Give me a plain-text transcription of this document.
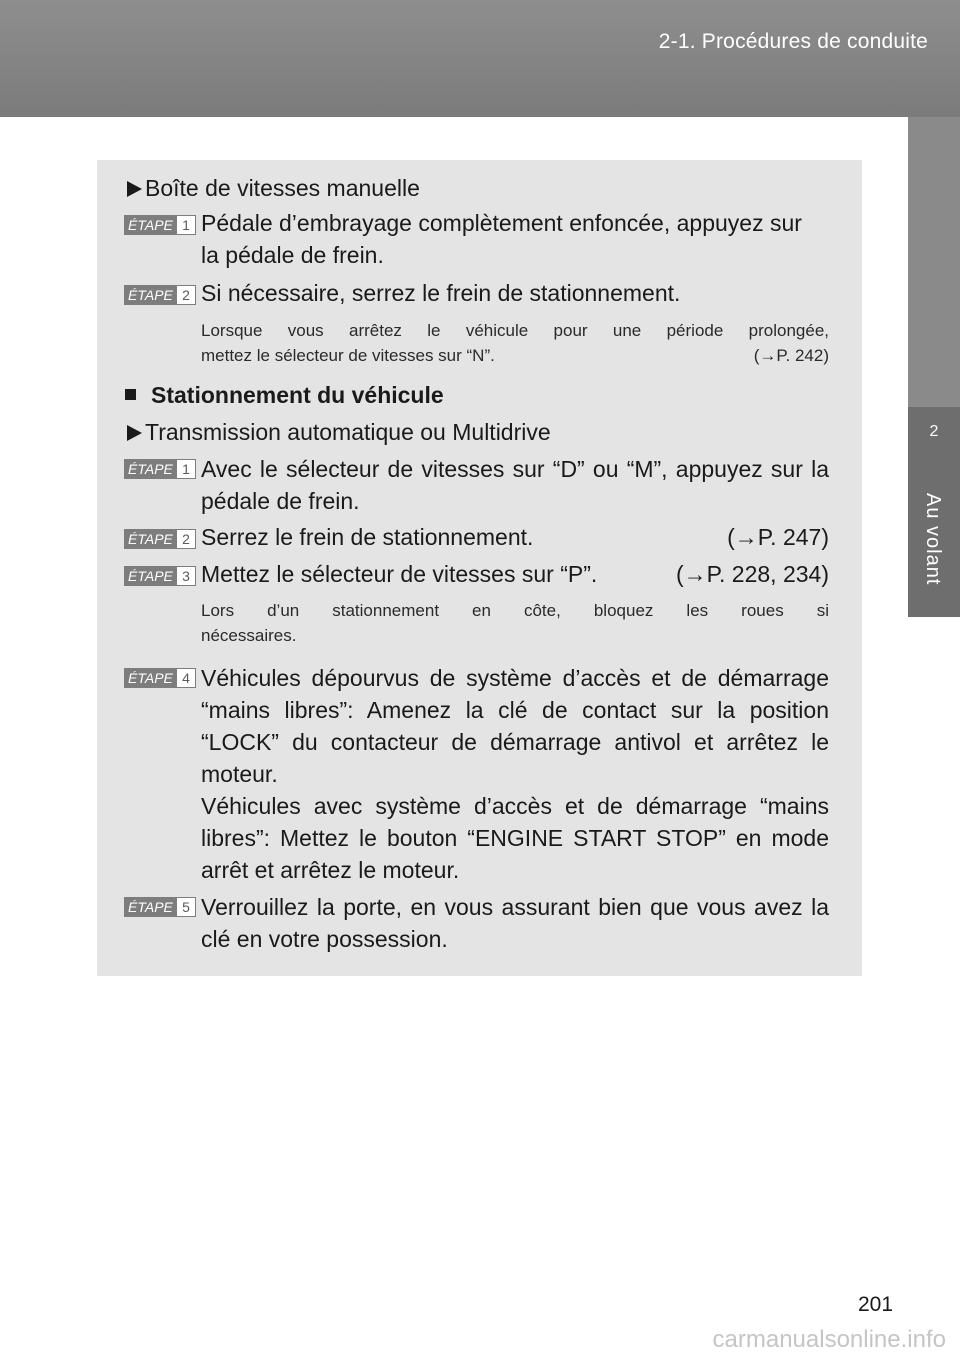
2-1. Procédures de conduite
2
Au volant
Boîte de vitesses manuelle
ÉTAPE 1 Pédale d’embrayage complètement enfoncée, appuyez sur
la pédale de frein.
ÉTAPE 2 Si nécessaire, serrez le frein de stationnement.
Lorsque vous arrêtez le véhicule pour une période prolongée,
mettez le sélecteur de vitesses sur “N”.	(→P. 242)
Stationnement du véhicule
Transmission automatique ou Multidrive
ÉTAPE 1 Avec le sélecteur de vitesses sur “D” ou “M”, appuyez sur la
pédale de frein.
ÉTAPE 2 Serrez le frein de stationnement.	(→P. 247)
ÉTAPE 3 Mettez le sélecteur de vitesses sur “P”.	(→P. 228, 234)
Lors d’un stationnement en côte, bloquez les roues si
nécessaires.
ÉTAPE 4 Véhicules dépourvus de système d’accès et de démarrage
“mains libres”: Amenez la clé de contact sur la position
“LOCK” du contacteur de démarrage antivol et arrêtez le
moteur.
Véhicules avec système d’accès et de démarrage “mains
libres”: Mettez le bouton “ENGINE START STOP” en mode
arrêt et arrêtez le moteur.
ÉTAPE 5 Verrouillez la porte, en vous assurant bien que vous avez la
clé en votre possession.
201
carmanualsonline.info
